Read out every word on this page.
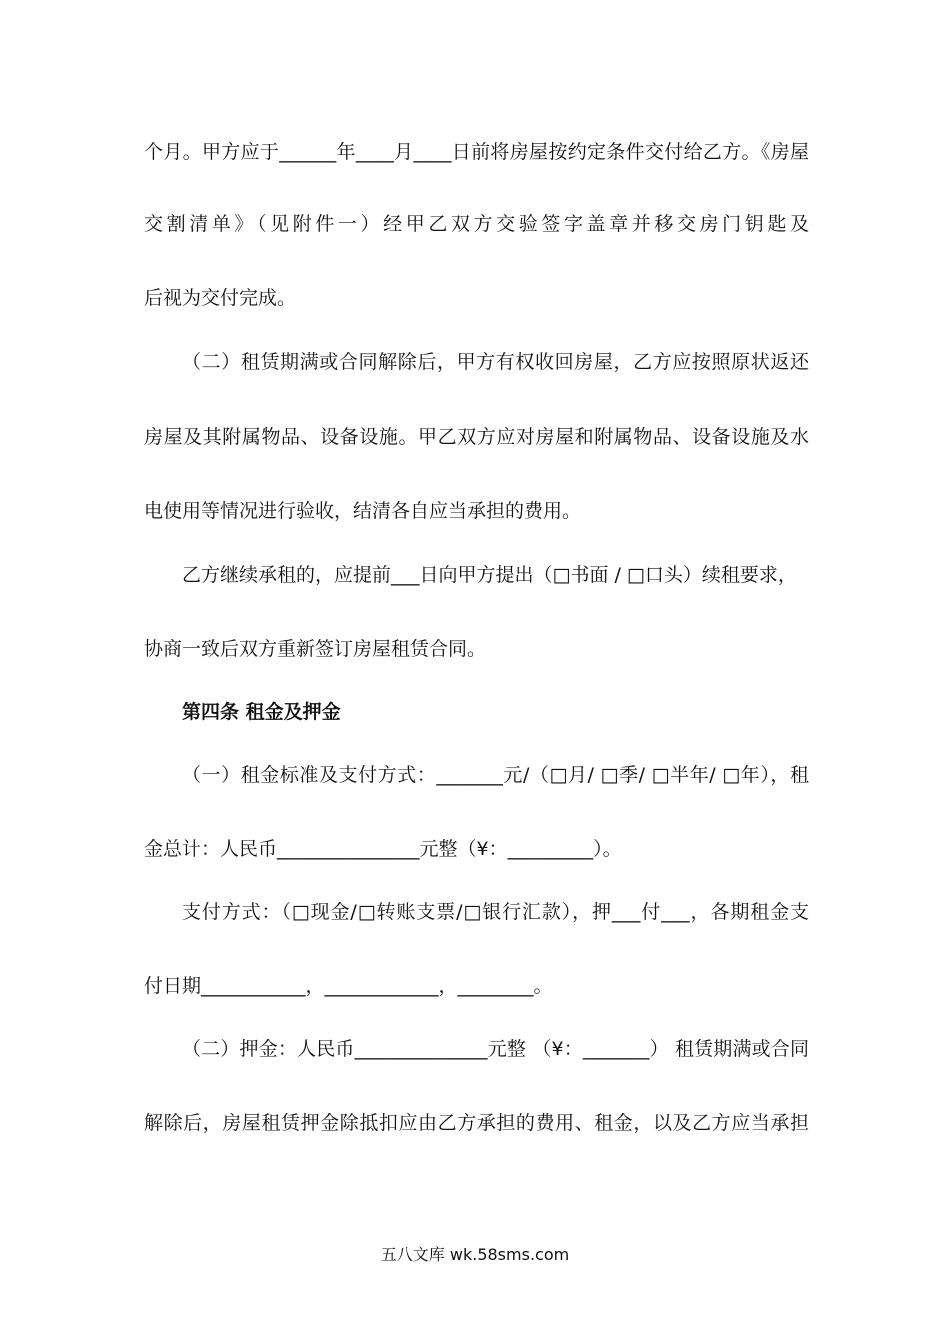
个月。甲方应于______年____月____日前将房屋按约定条件交付给乙方。《房屋
交割清单》（见附件一）经甲乙双方交验签字盖章并移交房门钥匙及
后视为交付完成。
（二）租赁期满或合同解除后，甲方有权收回房屋，乙方应按照原状返还
房屋及其附属物品、设备设施。甲乙双方应对房屋和附属物品、设备设施及水
电使用等情况进行验收，结清各自应当承担的费用。
乙方继续承租的，应提前___日向甲方提出（□书面 / □口头）续租要求，
协商一致后双方重新签订房屋租赁合同。
第四条 租金及押金
（一）租金标准及支付方式：_______元/（□月/ □季/ □半年/ □年），租
金总计：人民币_______________元整（¥：_________）。
支付方式：（□现金/□转账支票/□银行汇款），押___付___，各期租金支
付日期___________，____________，________。
（二）押金：人民币______________元整 （¥：_______） 租赁期满或合同
解除后，房屋租赁押金除抵扣应由乙方承担的费用、租金，以及乙方应当承担
五八文库 wk.58sms.com
